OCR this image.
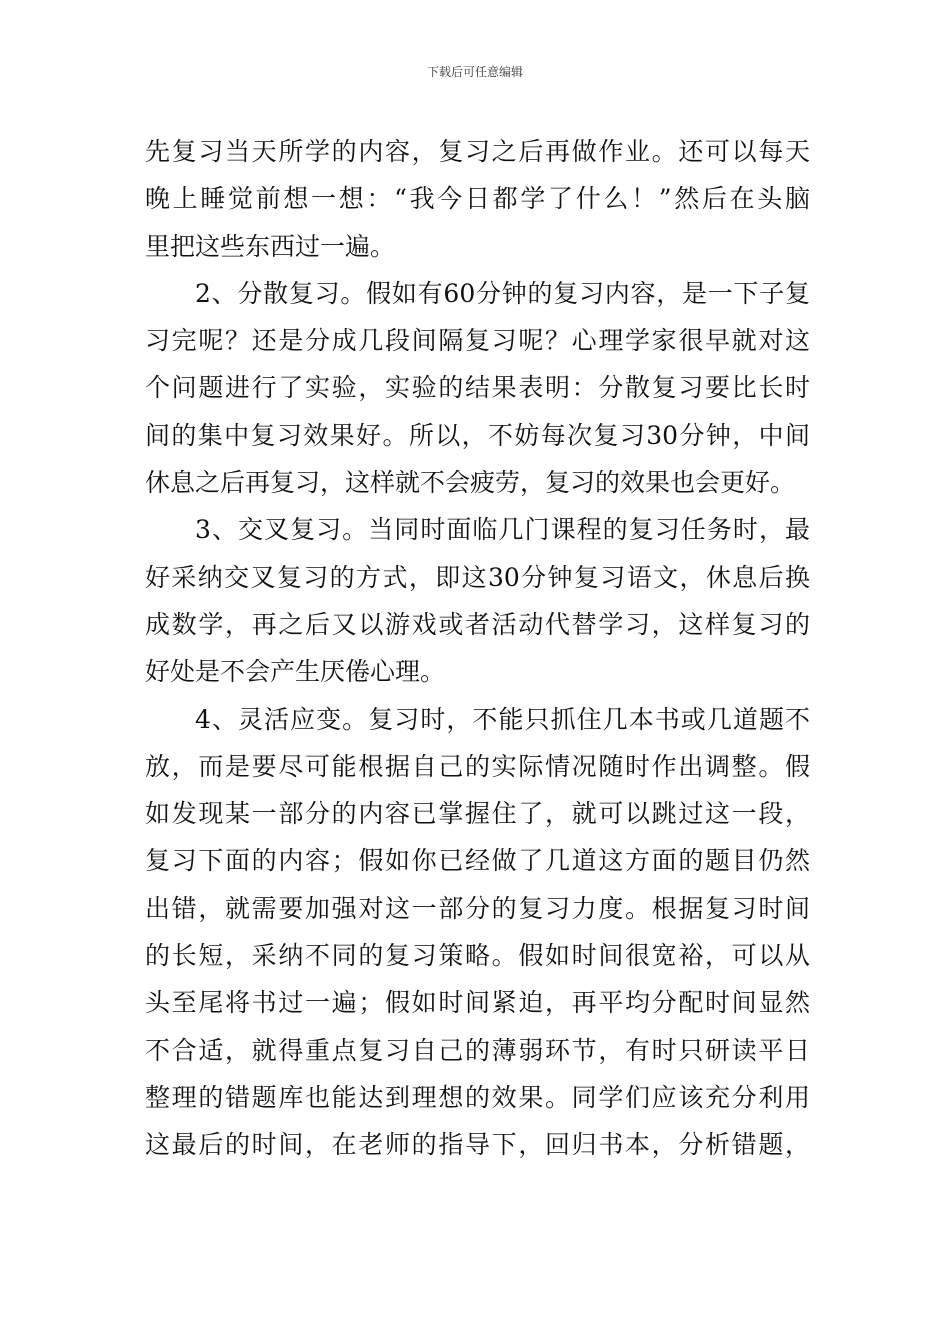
下载后可任意编辑
先复习当天所学的内容，复习之后再做作业。还可以每天
晚上睡觉前想一想：“我今日都学了什么！”然后在头脑
里把这些东西过一遍。
2、分散复习。假如有60分钟的复习内容，是一下子复
习完呢？还是分成几段间隔复习呢？心理学家很早就对这
个问题进行了实验，实验的结果表明：分散复习要比长时
间的集中复习效果好。所以，不妨每次复习30分钟，中间
休息之后再复习，这样就不会疲劳，复习的效果也会更好。
3、交叉复习。当同时面临几门课程的复习任务时，最
好采纳交叉复习的方式，即这30分钟复习语文，休息后换
成数学，再之后又以游戏或者活动代替学习，这样复习的
好处是不会产生厌倦心理。
4、灵活应变。复习时，不能只抓住几本书或几道题不
放，而是要尽可能根据自己的实际情况随时作出调整。假
如发现某一部分的内容已掌握住了，就可以跳过这一段，
复习下面的内容；假如你已经做了几道这方面的题目仍然
出错，就需要加强对这一部分的复习力度。根据复习时间
的长短，采纳不同的复习策略。假如时间很宽裕，可以从
头至尾将书过一遍；假如时间紧迫，再平均分配时间显然
不合适，就得重点复习自己的薄弱环节，有时只研读平日
整理的错题库也能达到理想的效果。同学们应该充分利用
这最后的时间，在老师的指导下，回归书本，分析错题，
